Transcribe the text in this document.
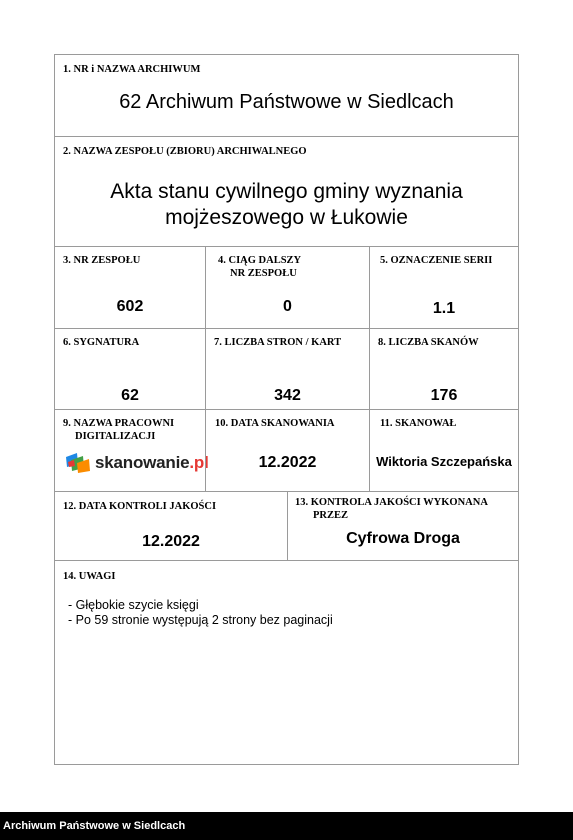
1. NR i NAZWA ARCHIWUM
62 Archiwum Państwowe w Siedlcach
2. NAZWA ZESPOŁU (ZBIORU) ARCHIWALNEGO
Akta stanu cywilnego gminy wyznania
mojżeszowego w Łukowie
3. NR ZESPOŁU
602
4. CIĄG DALSZY
NR ZESPOŁU
0
5. OZNACZENIE SERII
1.1
6. SYGNATURA
62
7. LICZBA STRON / KART
342
8. LICZBA SKANÓW
176
9. NAZWA PRACOWNI
DIGITALIZACJI
skanowanie.pl
10. DATA SKANOWANIA
12.2022
11. SKANOWAŁ
Wiktoria Szczepańska
12. DATA KONTROLI JAKOŚCI
12.2022
13. KONTROLA JAKOŚCI WYKONANA
PRZEZ
Cyfrowa Droga
14. UWAGI
- Głębokie szycie księgi
- Po 59 stronie występują 2 strony bez paginacji
Archiwum Państwowe w Siedlcach
